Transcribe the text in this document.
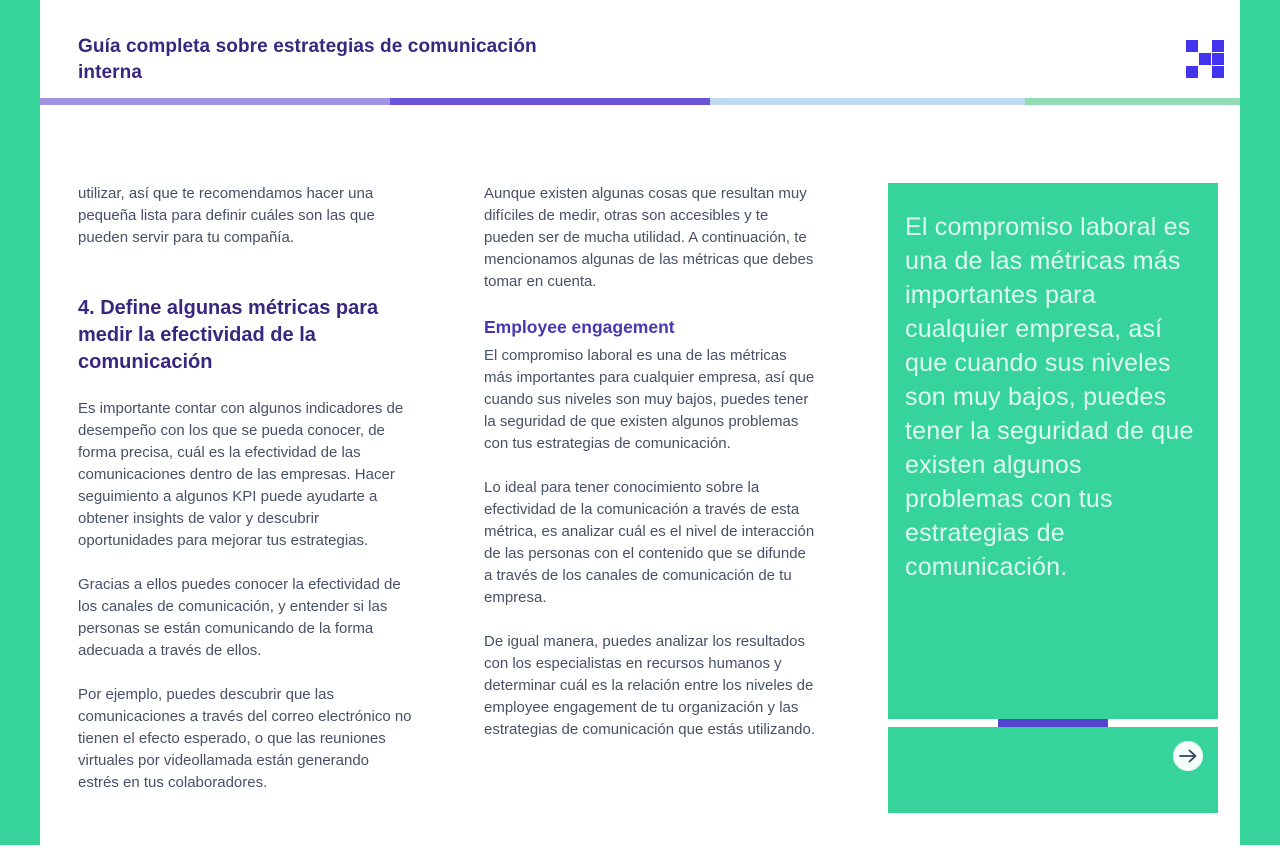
Guía completa sobre estrategias de comunicación interna

utilizar, así que te recomendamos hacer una pequeña lista para definir cuáles son las que pueden servir para tu compañía.

4. Define algunas métricas para medir la efectividad de la comunicación

Es importante contar con algunos indicadores de desempeño con los que se pueda conocer, de forma precisa, cuál es la efectividad de las comunicaciones dentro de las empresas. Hacer seguimiento a algunos KPI puede ayudarte a obtener insights de valor y descubrir oportunidades para mejorar tus estrategias.

Gracias a ellos puedes conocer la efectividad de los canales de comunicación, y entender si las personas se están comunicando de la forma adecuada a través de ellos.

Por ejemplo, puedes descubrir que las comunicaciones a través del correo electrónico no tienen el efecto esperado, o que las reuniones virtuales por videollamada están generando estrés en tus colaboradores.

Aunque existen algunas cosas que resultan muy difíciles de medir, otras son accesibles y te pueden ser de mucha utilidad. A continuación, te mencionamos algunas de las métricas que debes tomar en cuenta.

Employee engagement

El compromiso laboral es una de las métricas más importantes para cualquier empresa, así que cuando sus niveles son muy bajos, puedes tener la seguridad de que existen algunos problemas con tus estrategias de comunicación.

Lo ideal para tener conocimiento sobre la efectividad de la comunicación a través de esta métrica, es analizar cuál es el nivel de interacción de las personas con el contenido que se difunde a través de los canales de comunicación de tu empresa.

De igual manera, puedes analizar los resultados con los especialistas en recursos humanos y determinar cuál es la relación entre los niveles de employee engagement de tu organización y las estrategias de comunicación que estás utilizando.

El compromiso laboral es una de las métricas más importantes para cualquier empresa, así que cuando sus niveles son muy bajos, puedes tener la seguridad de que existen algunos problemas con tus estrategias de comunicación.
